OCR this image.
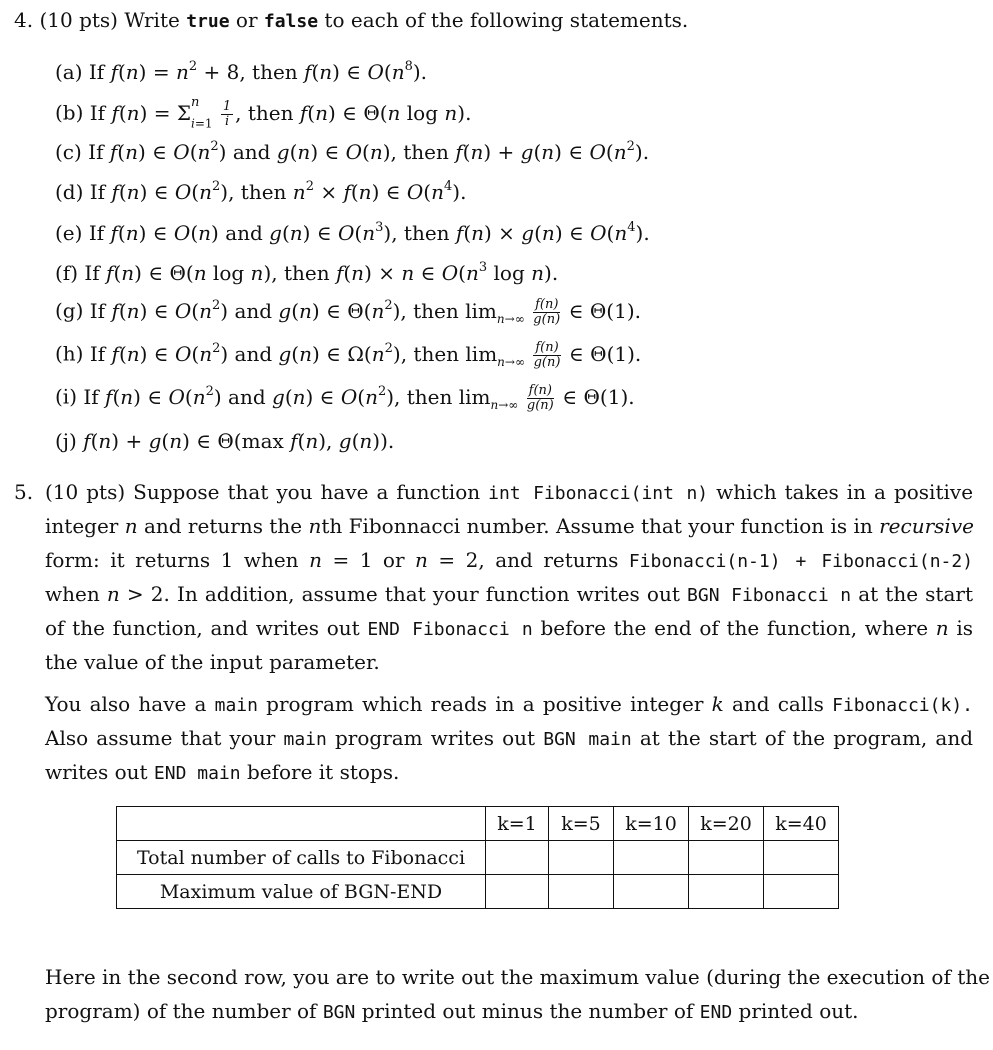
4. (10 pts) Write true or false to each of the following statements.
(a) If $f(n) = n^2 + 8$, then f(n) ∈ $O(n^8)$.
(b) If $f(n) = \Sigma^n$
$_{i=1} \frac{1}{i}$ , then f(n) ∈ Θ(n log n).
(c) If f(n) ∈ $O(n^2)$ and g(n) ∈ O(n), then f(n) + g(n) ∈ $O(n^2)$.
(d) If f(n) ∈ $O(n^2)$, then $n^2 \times f(n)$ ∈ $O(n^4)$.
(e) If f(n) ∈ O(n) and g(n) ∈ $O(n^3)$, then f(n) × g(n) ∈ $O(n^4)$.
(f) If f(n) ∈ Θ(n log n), then f(n) × n ∈ $O(n^3$ log n).
(g) If f(n) ∈ $O(n^2)$ and g(n) ∈ $\Theta(n^2)$, then $\lim_{n\to\infty} \frac{f(n)}{g(n)}$ ∈ Θ(1).
(h) If f(n) ∈ $O(n^2)$ and g(n) ∈ $\Omega(n^2)$, then $\lim_{n\to\infty} \frac{f(n)}{g(n)}$ ∈ Θ(1).
(i) If f(n) ∈ $O(n^2)$ and g(n) ∈ $O(n^2)$, then $\lim_{n\to\infty} \frac{f(n)}{g(n)}$ ∈ Θ(1).
(j) f(n) + g(n) ∈ Θ(max f(n), g(n)).
5. (10 pts) Suppose that you have a function int Fibonacci(int n) which takes in a positive
integer n and returns the nth Fibonnacci number. Assume that your function is in recursive
form: it returns 1 when n = 1 or n = 2, and returns Fibonacci(n-1) + Fibonacci(n-2)
when n > 2. In addition, assume that your function writes out BGN Fibonacci n at the start
of the function, and writes out END Fibonacci n before the end of the function, where n is
the value of the input parameter.
You also have a main program which reads in a positive integer k and calls Fibonacci(k).
Also assume that your main program writes out BGN main at the start of the program, and
writes out END main before it stops.
	k=1	k=5	k=10	k=20	k=40
Total number of calls to Fibonacci					
Maximum value of BGN-END					
Here in the second row, you are to write out the maximum value (during the execution of the
program) of the number of BGN printed out minus the number of END printed out.
